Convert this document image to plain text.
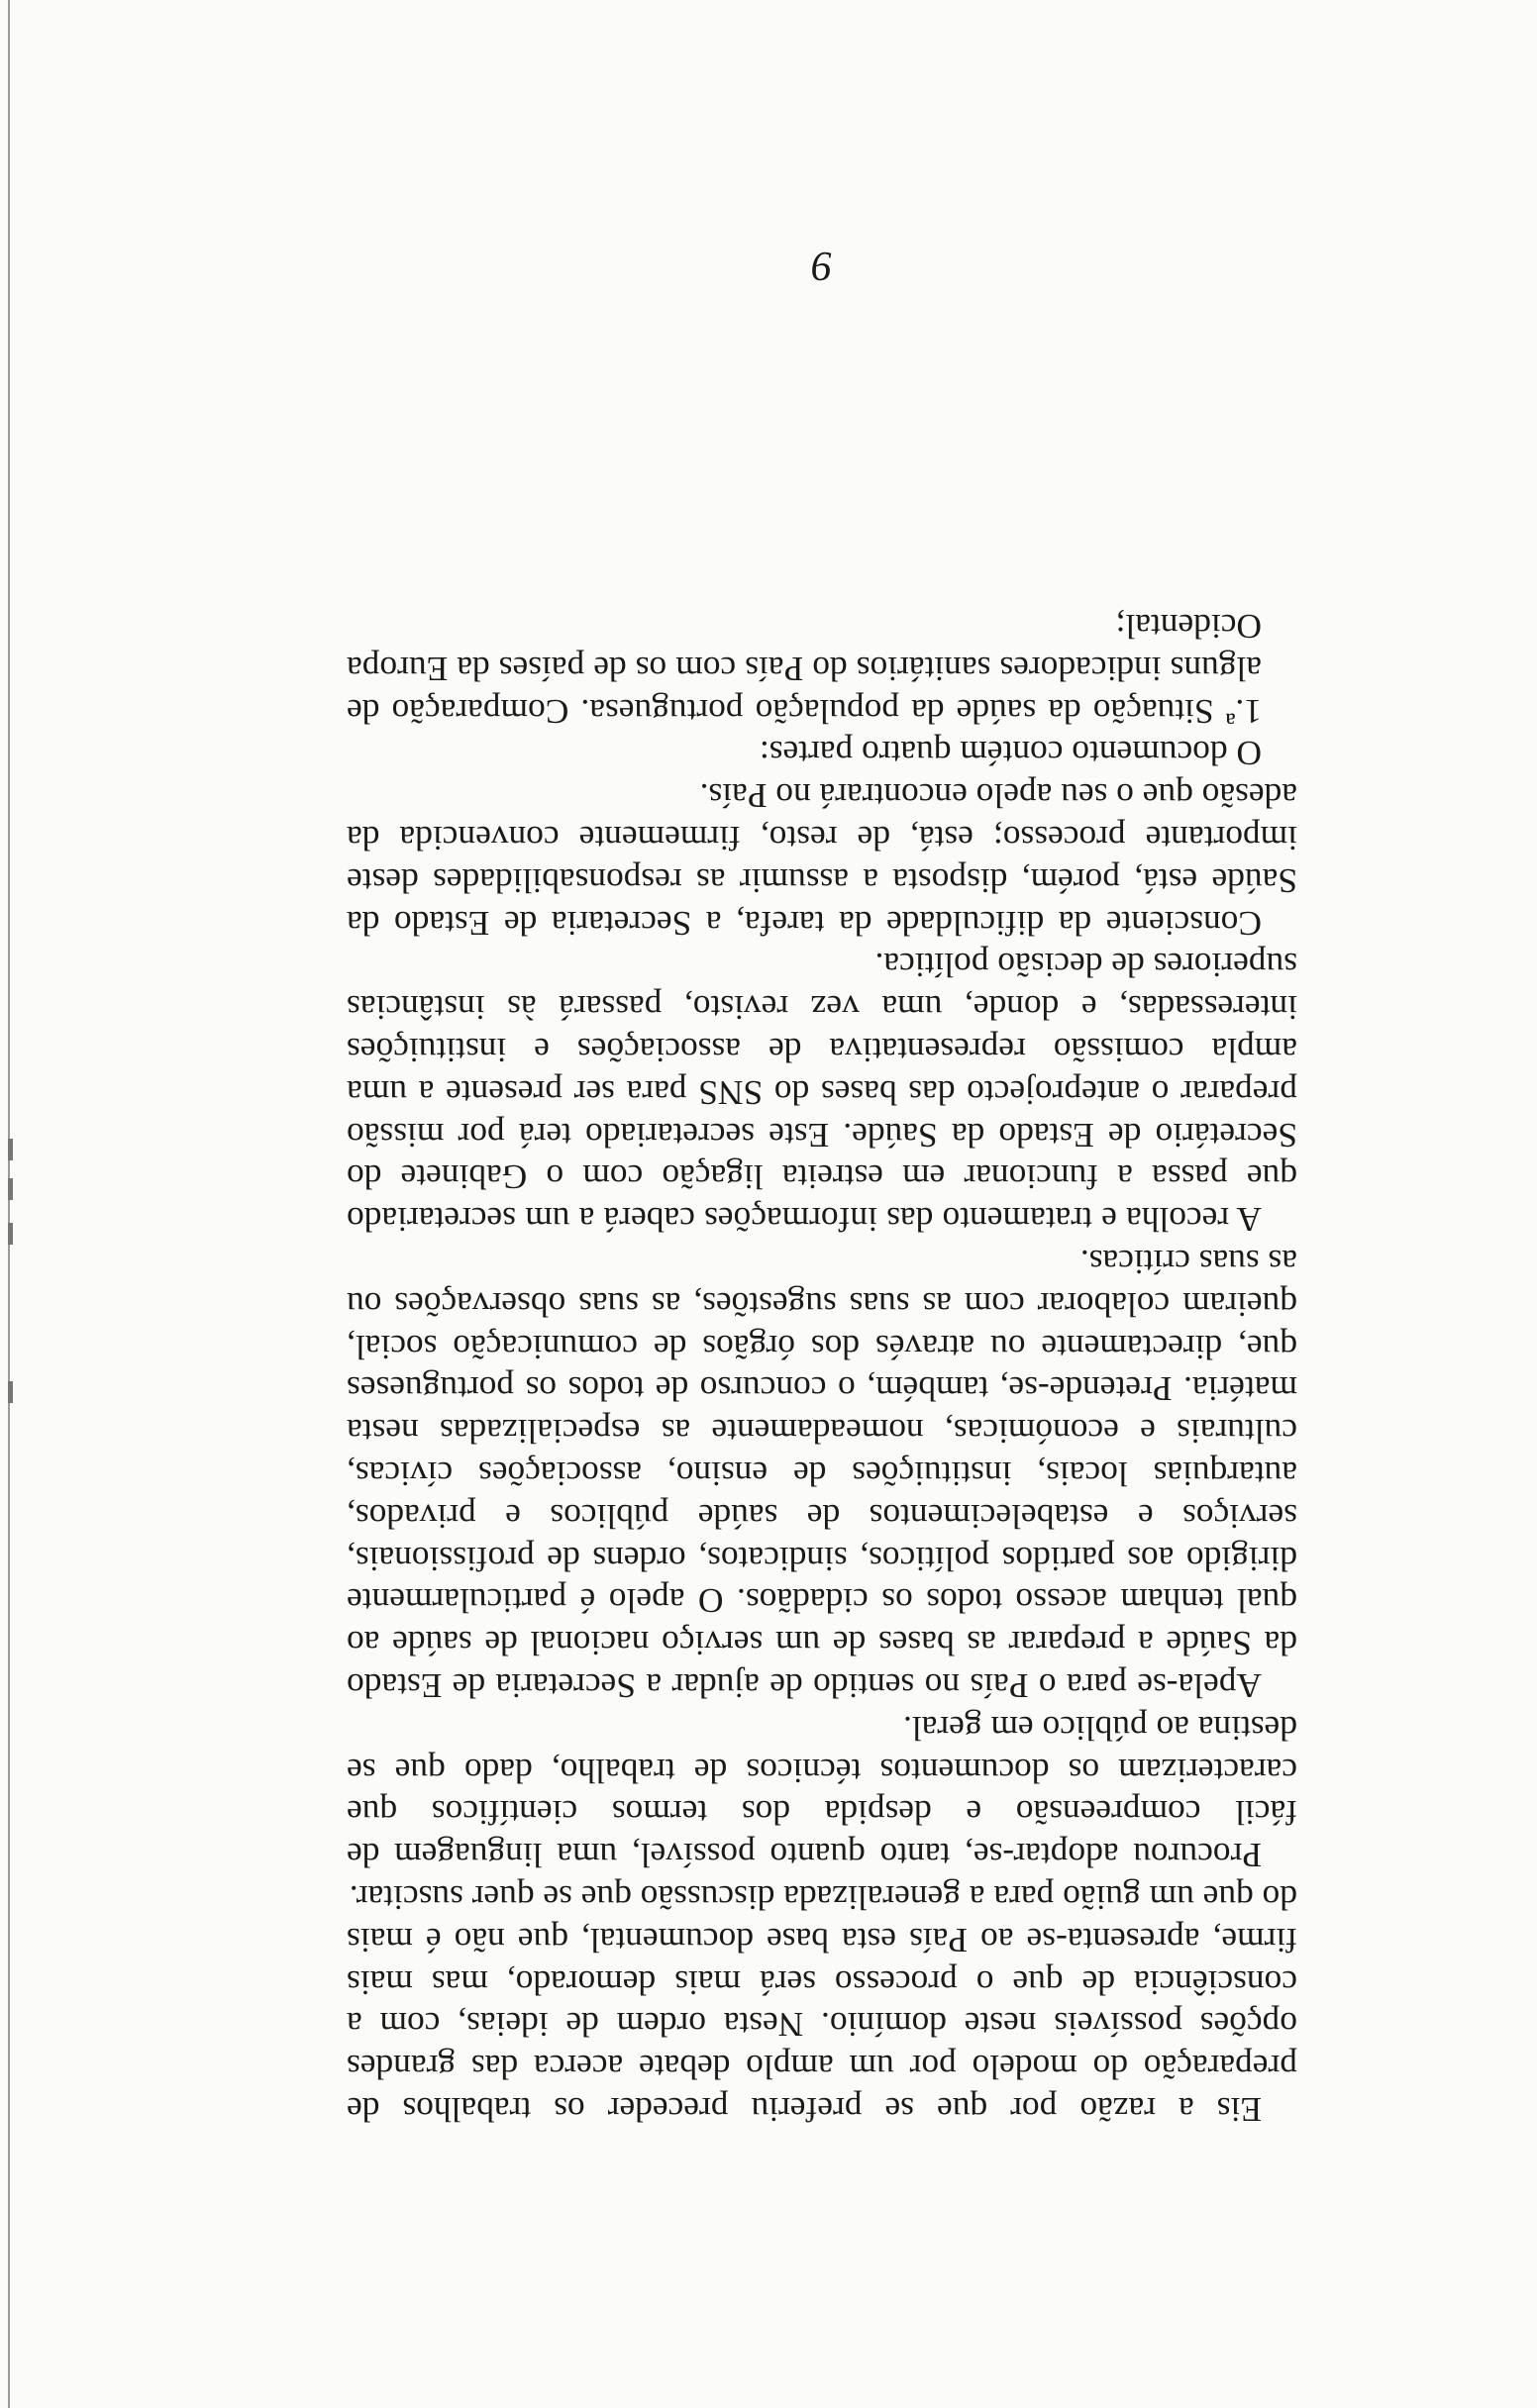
Eis a razão por que se preferiu preceder os trabalhos de preparação do modelo por um amplo debate acerca das grandes opções possíveis neste domínio. Nesta ordem de ideias, com a consciência de que o processo será mais demorado, mas mais firme, apresenta-se ao País esta base documental, que não é mais do que um guião para a generalizada discussão que se quer suscitar.

Procurou adoptar-se, tanto quanto possível, uma linguagem de fácil compreensão e despida dos termos científicos que caracterizam os documentos técnicos de trabalho, dado que se destina ao público em geral.

Apela-se para o País no sentido de ajudar a Secretaria de Estado da Saúde a preparar as bases de um serviço nacional de saúde ao qual tenham acesso todos os cidadãos. O apelo é particularmente dirigido aos partidos políticos, sindicatos, ordens de profissionais, serviços e estabelecimentos de saúde públicos e privados, autarquias locais, instituições de ensino, associações cívicas, culturais e económicas, nomeadamente as especializadas nesta matéria. Pretende-se, também, o concurso de todos os portugueses que, directamente ou através dos órgãos de comunicação social, queiram colaborar com as suas sugestões, as suas observações ou as suas críticas.

A recolha e tratamento das informações caberá a um secretariado que passa a funcionar em estreita ligação com o Gabinete do Secretário de Estado da Saúde. Este secretariado terá por missão preparar o anteprojecto das bases do SNS para ser presente a uma ampla comissão representativa de associações e instituições interessadas, e donde, uma vez revisto, passará às instâncias superiores de decisão política.

Consciente da dificuldade da tarefa, a Secretaria de Estado da Saúde está, porém, disposta a assumir as responsabilidades deste importante processo; está, de resto, firmemente convencida da adesão que o seu apelo encontrará no País.

O documento contém quatro partes:

1.ª Situação da saúde da população portuguesa. Comparação de alguns indicadores sanitários do País com os de países da Europa Ocidental;

9
